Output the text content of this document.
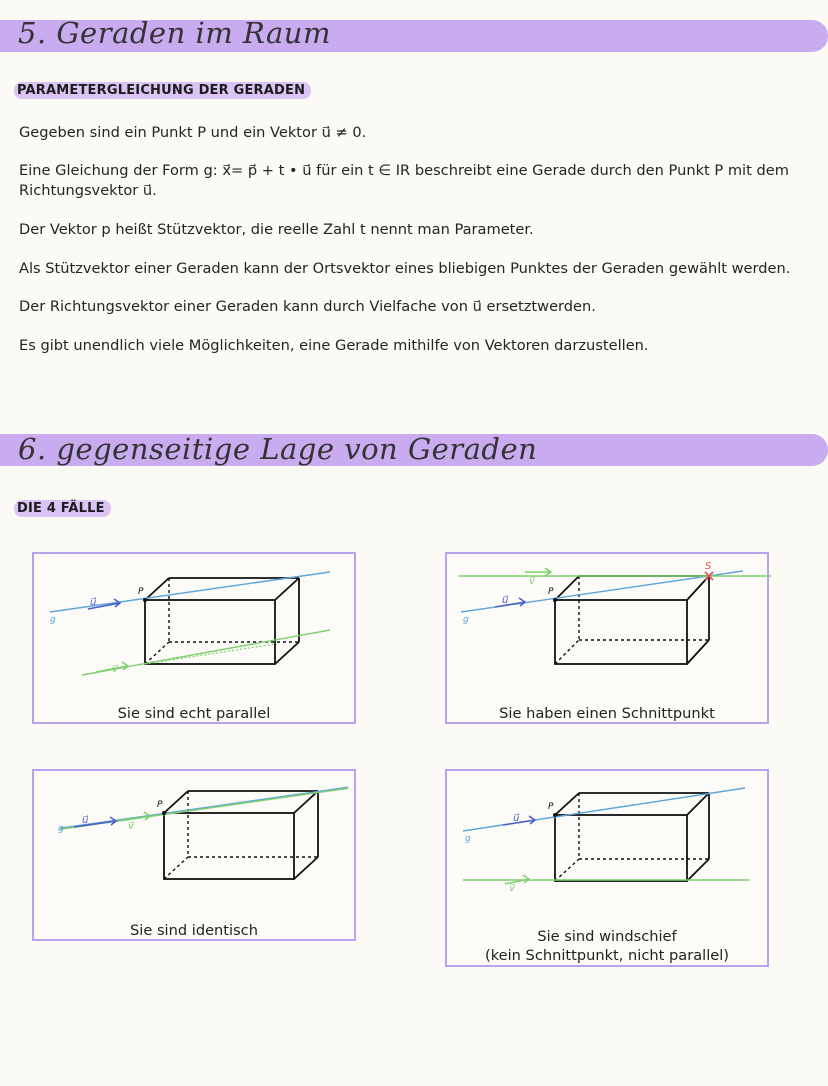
5. Geraden im Raum
PARAMETERGLEICHUNG DER GERADEN

Gegeben sind ein Punkt P und ein Vektor u⃗ ≠ 0.

Eine Gleichung der Form g: x⃗= p⃗ + t • u⃗ für ein t ∈ IR beschreibt eine Gerade durch den Punkt P mit dem Richtungsvektor u⃗.

Der Vektor p heißt Stützvektor, die reelle Zahl t nennt man Parameter.

Als Stützvektor einer Geraden kann der Ortsvektor eines bliebigen Punktes der Geraden gewählt werden.

Der Richtungsvektor einer Geraden kann durch Vielfache von u⃗ ersetztwerden.

Es gibt unendlich viele Möglichkeiten, eine Gerade mithilfe von Vektoren darzustellen.

6. gegenseitige Lage von Geraden
DIE 4 FÄLLE
u⃗
v⃗
P
g
Sie sind echt parallel
u⃗
v⃗
P
g
S
Sie haben einen Schnittpunkt
u⃗
v⃗
P
g
Sie sind identisch
u⃗
v⃗
P
g
Sie sind windschief
(kein Schnittpunkt, nicht parallel)
